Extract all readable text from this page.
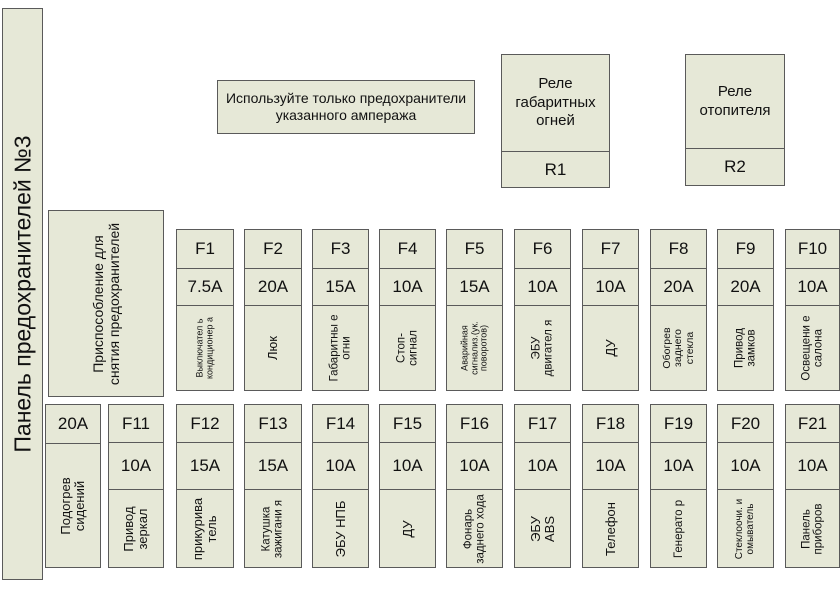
Панель предохранителей №3
Используйте только предохранители указанного ампеража
Реле габаритных огней
R1
Реле отопителя
R2
Приспособление для снятия предохранителей
20A
Подогрев сидений
F1
7.5A
Выключател ь кондиционер а
F2
20A
Люк
F3
15A
Габаритны е огни
F4
10A
Стоп-сигнал
F5
15A
Аварийная сигнализ.(ук. поворотов)
F6
10A
ЭБУ двигател я
F7
10A
ДУ
F8
20A
Обогрев заднего стекла
F9
20A
Привод замков
F10
10A
Освещени е салона
F11
10A
Привод зеркал
F12
15A
прикурива тель
F13
15A
Катушка зажигани я
F14
10A
ЭБУ НПБ
F15
10A
ДУ
F16
10A
Фонарь заднего хода
F17
10A
ЭБУ ABS
F18
10A
Телефон
F19
10A
Генерато р
F20
10A
Стеклоочи. и омыватель
F21
10A
Панель приборов
